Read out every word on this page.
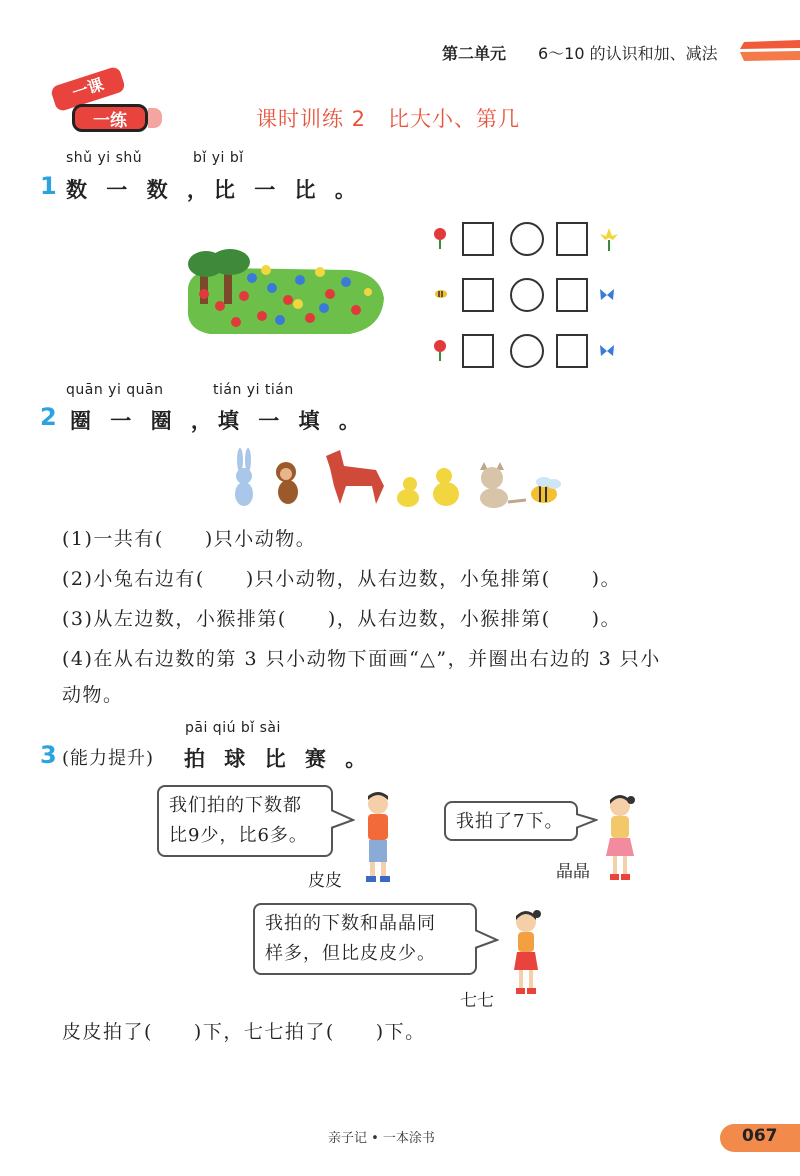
第二单元 6～10 的认识和加、减法
一课
一练	课时训练 2　比大小、第几
shǔ yi shǔ	bǐ yi bǐ
1 数 一 数 ，比 一 比 。
quān yi quān	tián yi tián
2 圈 一 圈 ，填 一 填 。
(1)一共有(　　)只小动物。
(2)小兔右边有(　　)只小动物，从右边数，小兔排第(　　)。
(3)从左边数，小猴排第(　　)，从右边数，小猴排第(　　)。
(4)在从右边数的第 3 只小动物下面画“△”，并圈出右边的 3 只小
动物。
pāi qiú bǐ sài
3 (能力提升) 拍 球 比 赛 。
我们拍的下数都
比9少，比6多。
皮皮
我拍了7下。
晶晶
我拍的下数和晶晶同
样多，但比皮皮少。
七七
皮皮拍了(　　)下，七七拍了(　　)下。
亲子记 • 一本涂书	067
